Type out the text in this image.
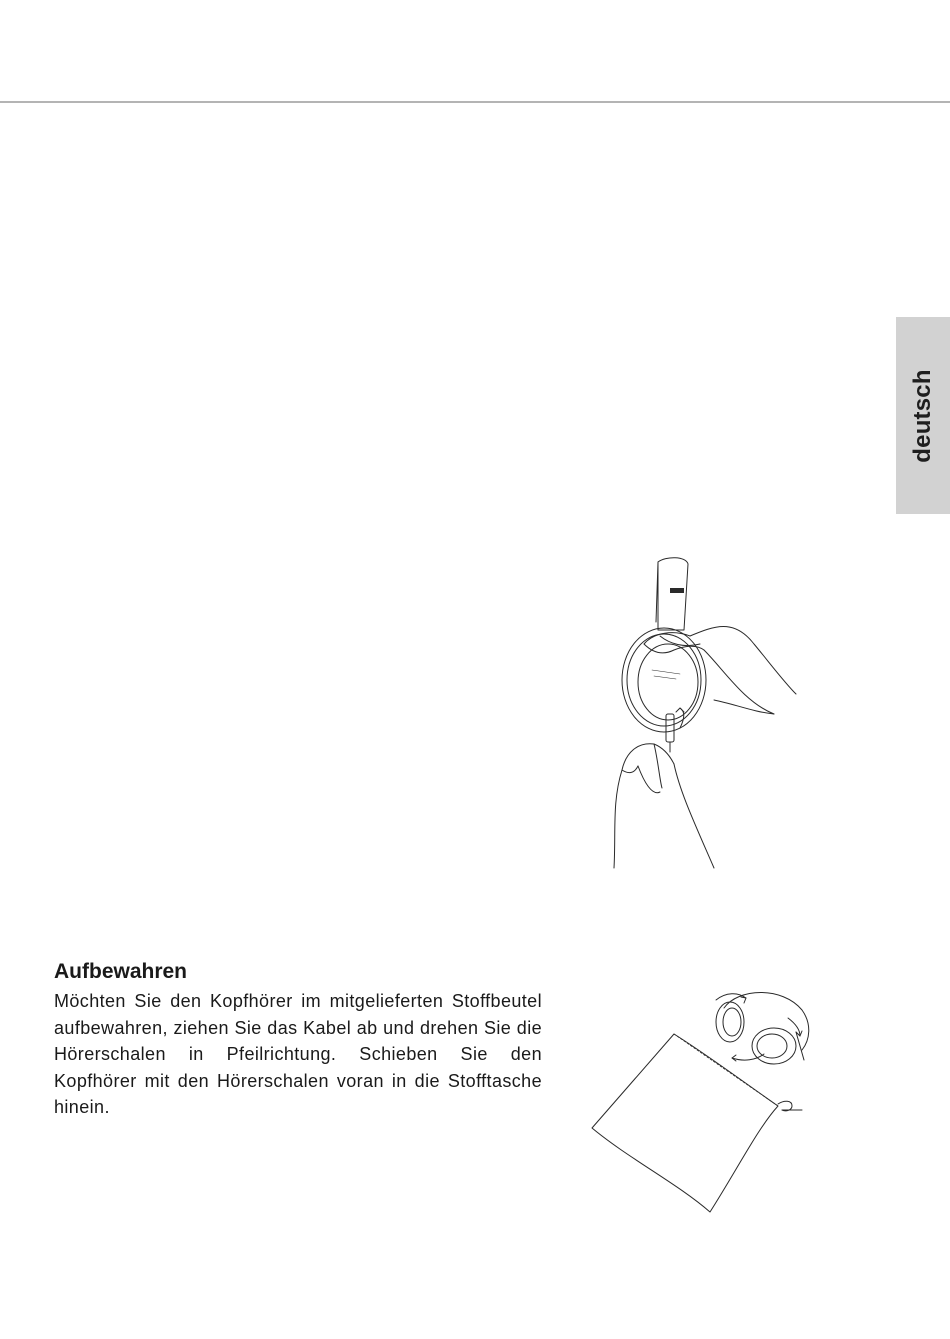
deutsch
Aufbewahren

Möchten Sie den Kopfhörer im mitgelieferten Stoffbeutel aufbewahren, ziehen Sie das Kabel ab und drehen Sie die Hörerschalen in Pfeilrichtung. Schieben Sie den Kopfhörer mit den Hörerschalen voran in die Stofftasche hinein.
